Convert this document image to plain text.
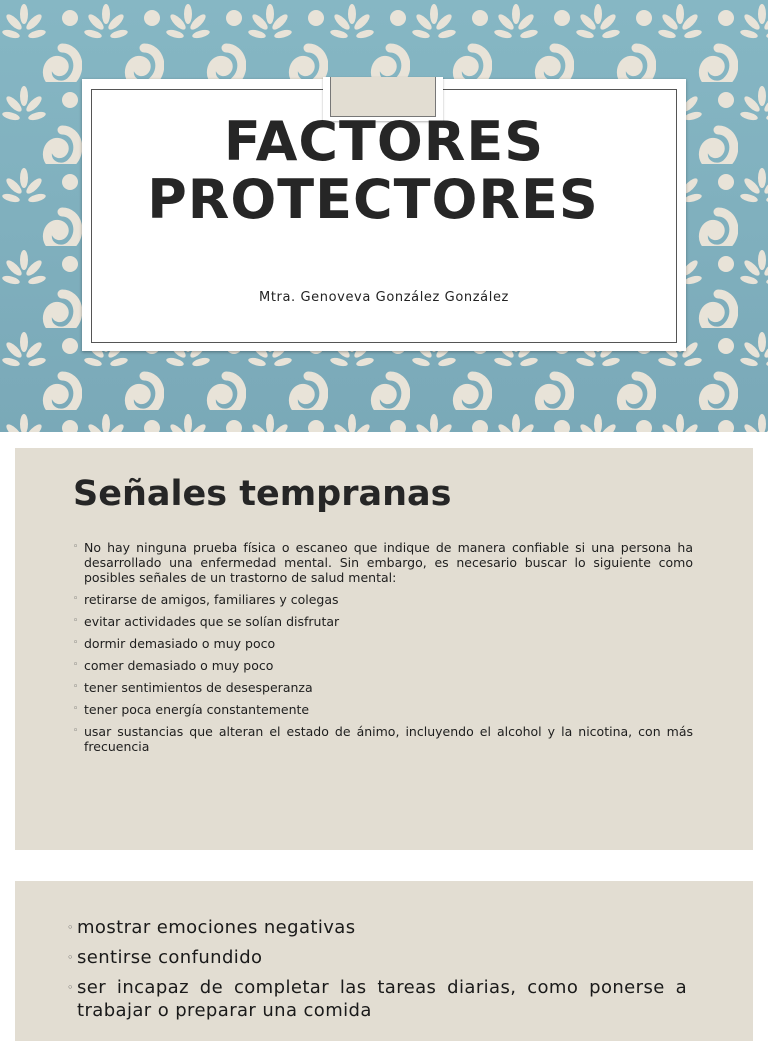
FACTORES
PROTECTORES
Mtra. Genoveva González González
Señales tempranas
◦ No hay ninguna prueba física o escaneo que indique de manera confiable si una persona ha desarrollado una enfermedad mental. Sin embargo, es necesario buscar lo siguiente como posibles señales de un trastorno de salud mental:
◦ retirarse de amigos, familiares y colegas
◦ evitar actividades que se solían disfrutar
◦ dormir demasiado o muy poco
◦ comer demasiado o muy poco
◦ tener sentimientos de desesperanza
◦ tener poca energía constantemente
◦ usar sustancias que alteran el estado de ánimo, incluyendo el alcohol y la nicotina, con más frecuencia
◦ mostrar emociones negativas
◦ sentirse confundido
◦ ser incapaz de completar las tareas diarias, como ponerse a trabajar o preparar una comida
